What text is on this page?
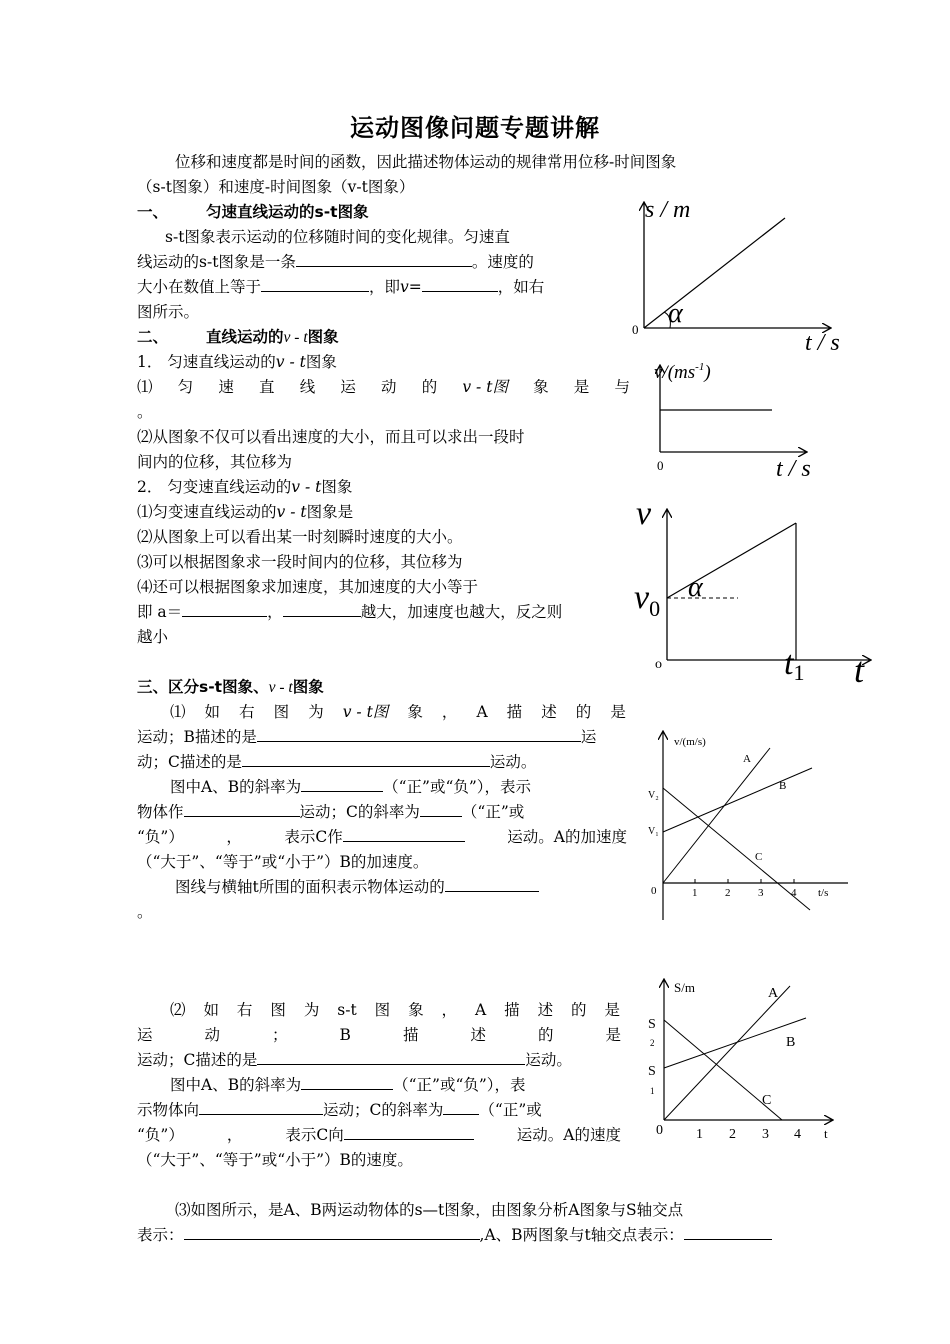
运动图像问题专题讲解
位移和速度都是时间的函数，因此描述物体运动的规律常用位移-时间图象
（s-t图象）和速度-时间图象（v-t图象）
一、 匀速直线运动的s-t图象
s-t图象表示运动的位移随时间的变化规律。匀速直
线运动的s-t图象是一条	。速度的
大小在数值上等于	，即v=	，如右
图所示。
二、 直线运动的v - t图象
1． 匀速直线运动的v - t图象
⑴ 匀 速 直 线 运 动 的 v - t图 象 是 与
。
⑵从图象不仅可以看出速度的大小，而且可以求出一段时
间内的位移，其位移为
2． 匀变速直线运动的v - t图象
⑴匀变速直线运动的v - t图象是
⑵从图象上可以看出某一时刻瞬时速度的大小。
⑶可以根据图象求一段时间内的位移，其位移为
⑷还可以根据图象求加速度，其加速度的大小等于
即 a＝	，	越大，加速度也越大，反之则
越小
三、区分s-t图象、v - t图象
⑴ 如 右 图 为 v - t图 象 ， A 描 述 的 是
运动；B描述的是	运
动；C描述的是	运动。
图中A、B的斜率为	（“正”或“负”），表示
物体作	运动；C的斜率为	（“正”或
“负”）	，	表示C作	运动。A的加速度
（“大于”、“等于”或“小于”）B的加速度。
图线与横轴t所围的面积表示物体运动的
。
⑵ 如 右 图 为 s-t 图 象 ， A 描 述 的 是
运	动	；	B	描	述	的	是
运动；C描述的是	运动。
图中A、B的斜率为	（“正”或“负”），表
示物体向	运动；C的斜率为 （“正”或
“负”）	，	表示C向	运动。A的速度
（“大于”、“等于”或“小于”）B的速度。
⑶如图所示，是A、B两运动物体的s—t图象，由图象分析A图象与S轴交点
表示：	,A、B两图象与t轴交点表示：
s / m
t / s
0
α
$v/(ms^{-1})$
t / s
0
v
$v_0$
o	t1 t
α
v/(m/s)
V₂
V₁
0	1	2	3	4 t/s
A
B
C
S/m
S
2
S
1
0 1 2 3 4 t
A
B
C
